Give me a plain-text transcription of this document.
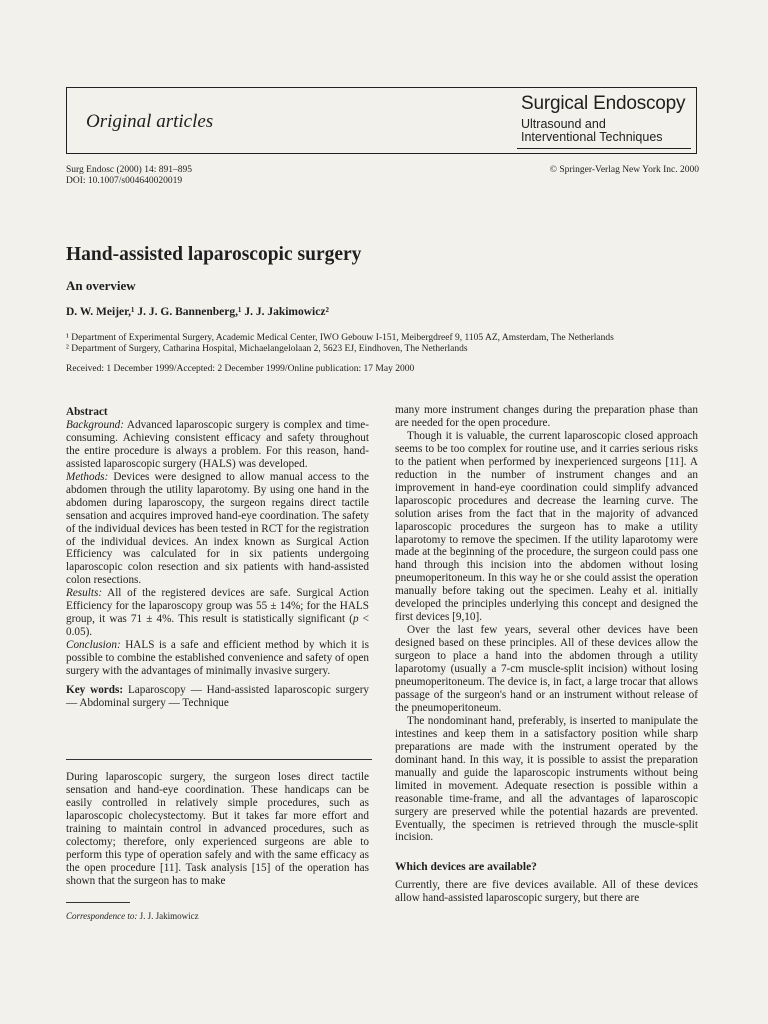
Original articles
Surgical Endoscopy
Ultrasound and
Interventional Techniques
Surg Endosc (2000) 14: 891–895
DOI: 10.1007/s004640020019
© Springer-Verlag New York Inc. 2000
Hand-assisted laparoscopic surgery
An overview
D. W. Meijer,¹ J. J. G. Bannenberg,¹ J. J. Jakimowicz²
¹ Department of Experimental Surgery, Academic Medical Center, IWO Gebouw I-151, Meibergdreef 9, 1105 AZ, Amsterdam, The Netherlands
² Department of Surgery, Catharina Hospital, Michaelangelolaan 2, 5623 EJ, Eindhoven, The Netherlands
Received: 1 December 1999/Accepted: 2 December 1999/Online publication: 17 May 2000
Abstract

Background: Advanced laparoscopic surgery is complex and time-consuming. Achieving consistent efficacy and safety throughout the entire procedure is always a problem. For this reason, hand-assisted laparoscopic surgery (HALS) was developed.

Methods: Devices were designed to allow manual access to the abdomen through the utility laparotomy. By using one hand in the abdomen during laparoscopy, the surgeon regains direct tactile sensation and acquires improved hand-eye coordination. The safety of the individual devices has been tested in RCT for the registration of the individual devices. An index known as Surgical Action Efficiency was calculated for in six patients undergoing laparoscopic colon resection and six patients with hand-assisted colon resections.

Results: All of the registered devices are safe. Surgical Action Efficiency for the laparoscopy group was 55 ± 14%; for the HALS group, it was 71 ± 4%. This result is statistically significant (p < 0.05).

Conclusion: HALS is a safe and efficient method by which it is possible to combine the established convenience and safety of open surgery with the advantages of minimally invasive surgery.

Key words: Laparoscopy — Hand-assisted laparoscopic surgery — Abdominal surgery — Technique

During laparoscopic surgery, the surgeon loses direct tactile sensation and hand-eye coordination. These handicaps can be easily controlled in relatively simple procedures, such as laparoscopic cholecystectomy. But it takes far more effort and training to maintain control in advanced procedures, such as colectomy; therefore, only experienced surgeons are able to perform this type of operation safely and with the same efficacy as the open procedure [11]. Task analysis [15] of the operation has shown that the surgeon has to make
Correspondence to: J. J. Jakimowicz

many more instrument changes during the preparation phase than are needed for the open procedure.

Though it is valuable, the current laparoscopic closed approach seems to be too complex for routine use, and it carries serious risks to the patient when performed by inexperienced surgeons [11]. A reduction in the number of instrument changes and an improvement in hand-eye coordination could simplify advanced laparoscopic procedures and decrease the learning curve. The solution arises from the fact that in the majority of advanced laparoscopic procedures the surgeon has to make a utility laparotomy to remove the specimen. If the utility laparotomy were made at the beginning of the procedure, the surgeon could pass one hand through this incision into the abdomen without losing pneumoperitoneum. In this way he or she could assist the operation manually before taking out the specimen. Leahy et al. initially developed the principles underlying this concept and designed the first devices [9,10].

Over the last few years, several other devices have been designed based on these principles. All of these devices allow the surgeon to place a hand into the abdomen through a utility laparotomy (usually a 7-cm muscle-split incision) without losing pneumoperitoneum. The device is, in fact, a large trocar that allows passage of the surgeon's hand or an instrument without release of the pneumoperitoneum.

The nondominant hand, preferably, is inserted to manipulate the intestines and keep them in a satisfactory position while sharp preparations are made with the instrument operated by the dominant hand. In this way, it is possible to assist the preparation manually and guide the laparoscopic instruments without being limited in movement. Adequate resection is possible within a reasonable time-frame, and all the advantages of laparoscopic surgery are preserved while the potential hazards are prevented. Eventually, the specimen is retrieved through the muscle-split incision.

Which devices are available?

Currently, there are five devices available. All of these devices allow hand-assisted laparoscopic surgery, but there are
